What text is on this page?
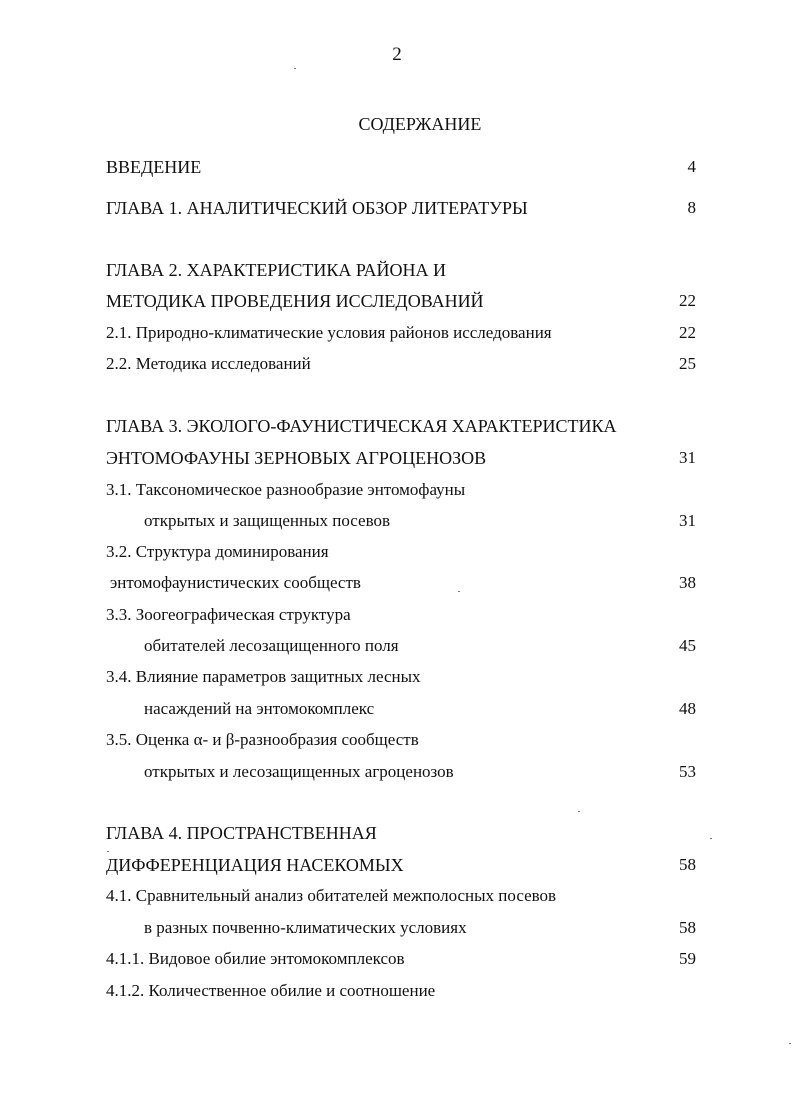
2
СОДЕРЖАНИЕ
ВВЕДЕНИЕ	4
ГЛАВА 1. АНАЛИТИЧЕСКИЙ ОБЗОР ЛИТЕРАТУРЫ	8
ГЛАВА 2. ХАРАКТЕРИСТИКА РАЙОНА И
МЕТОДИКА ПРОВЕДЕНИЯ ИССЛЕДОВАНИЙ	22
2.1. Природно-климатические условия районов исследования	22
2.2. Методика исследований	25
ГЛАВА 3. ЭКОЛОГО-ФАУНИСТИЧЕСКАЯ ХАРАКТЕРИСТИКА
ЭНТОМОФАУНЫ ЗЕРНОВЫХ АГРОЦЕНОЗОВ	31
3.1. Таксономическое разнообразие энтомофауны
открытых и защищенных посевов	31
3.2. Структура доминирования
энтомофаунистических сообществ	38
3.3. Зоогеографическая структура
обитателей лесозащищенного поля	45
3.4. Влияние параметров защитных лесных
насаждений на энтомокомплекс	48
3.5. Оценка α- и β-разнообразия сообществ
открытых и лесозащищенных агроценозов	53
ГЛАВА 4. ПРОСТРАНСТВЕННАЯ
ДИФФЕРЕНЦИАЦИЯ НАСЕКОМЫХ	58
4.1. Сравнительный анализ обитателей межполосных посевов
в разных почвенно-климатических условиях	58
4.1.1. Видовое обилие энтомокомплексов	59
4.1.2. Количественное обилие и соотношение
